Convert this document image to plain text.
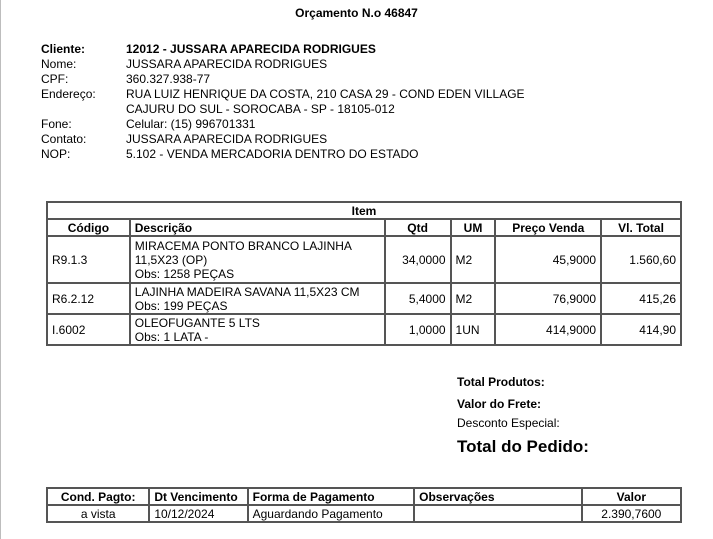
Orçamento N.o 46847
Cliente:	12012 - JUSSARA APARECIDA RODRIGUES
Nome:	JUSSARA APARECIDA RODRIGUES
CPF:	360.327.938-77
Endereço:	RUA LUIZ HENRIQUE DA COSTA, 210 CASA 29 - COND EDEN VILLAGE
CAJURU DO SUL - SOROCABA - SP - 18105-012
Fone:	Celular: (15) 996701331
Contato:	JUSSARA APARECIDA RODRIGUES
NOP:	5.102 - VENDA MERCADORIA DENTRO DO ESTADO
Item					
Código	Descrição	Qtd	UM	Preço Venda	Vl. Total
R9.1.3	MIRACEMA PONTO BRANCO LAJINHA
11,5X23 (OP)
Obs: 1258 PEÇAS	34,0000	M2	45,9000	1.560,60
R6.2.12	LAJINHA MADEIRA SAVANA 11,5X23 CM
Obs: 199 PEÇAS	5,4000	M2	76,9000	415,26
I.6002	OLEOFUGANTE 5 LTS
Obs: 1 LATA -	1,0000	1UN	414,9000	414,90
Total Produtos:
Valor do Frete:
Desconto Especial:
Total do Pedido:
Cond. Pagto:	Dt Vencimento	Forma de Pagamento	Observações	Valor
a vista	10/12/2024	Aguardando Pagamento		2.390,7600
